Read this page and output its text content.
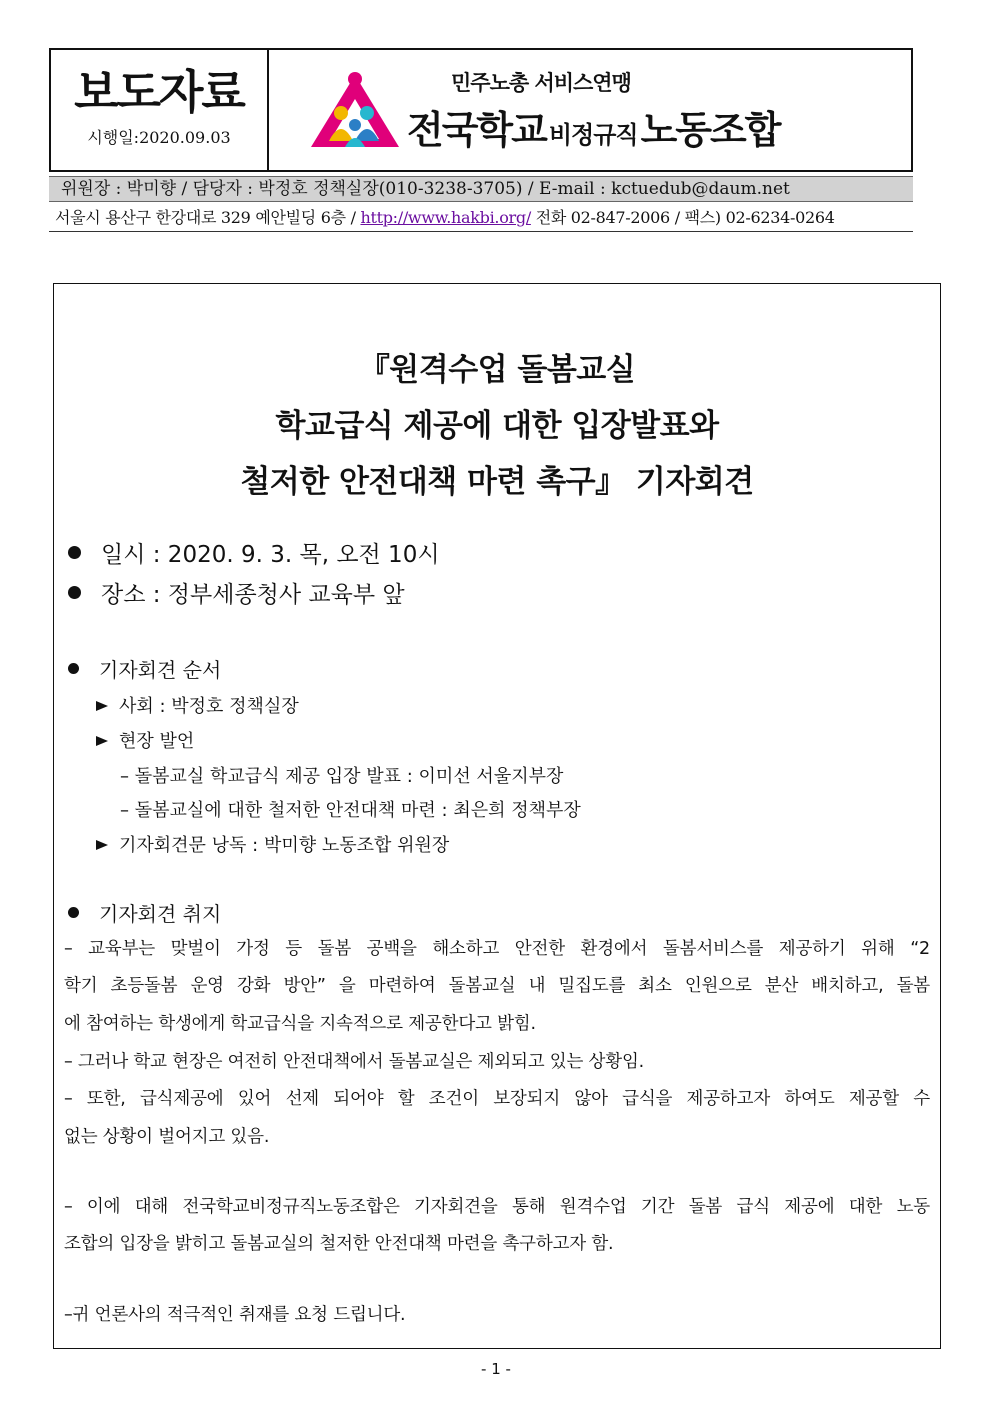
보도자료
시행일:2020.09.03
민주노총 서비스연맹
전국학교 비정규직 노동조합
위원장 : 박미향 / 담당자 : 박정호 정책실장(010-3238-3705) / E-mail : kctuedub@daum.net
서울시 용산구 한강대로 329 예안빌딩 6층 / http://www.hakbi.org/ 전화 02-847-2006 / 팩스) 02-6234-0264
『원격수업 돌봄교실
학교급식 제공에 대한 입장발표와
철저한 안전대책 마련 촉구』 기자회견
일시 : 2020. 9. 3. 목, 오전 10시
장소 : 정부세종청사 교육부 앞
기자회견 순서
사회 : 박정호 정책실장
현장 발언
– 돌봄교실 학교급식 제공 입장 발표 : 이미선 서울지부장
– 돌봄교실에 대한 철저한 안전대책 마련 : 최은희 정책부장
기자회견문 낭독 : 박미향 노동조합 위원장
기자회견 취지
– 교육부는 맞벌이 가정 등 돌봄 공백을 해소하고 안전한 환경에서 돌봄서비스를 제공하기 위해 “2
학기 초등돌봄 운영 강화 방안” 을 마련하여 돌봄교실 내 밀집도를 최소 인원으로 분산 배치하고, 돌봄
에 참여하는 학생에게 학교급식을 지속적으로 제공한다고 밝힘.
– 그러나 학교 현장은 여전히 안전대책에서 돌봄교실은 제외되고 있는 상황임.
– 또한, 급식제공에 있어 선제 되어야 할 조건이 보장되지 않아 급식을 제공하고자 하여도 제공할 수
없는 상황이 벌어지고 있음.
– 이에 대해 전국학교비정규직노동조합은 기자회견을 통해 원격수업 기간 돌봄 급식 제공에 대한 노동
조합의 입장을 밝히고 돌봄교실의 철저한 안전대책 마련을 촉구하고자 함.
–귀 언론사의 적극적인 취재를 요청 드립니다.
- 1 -
